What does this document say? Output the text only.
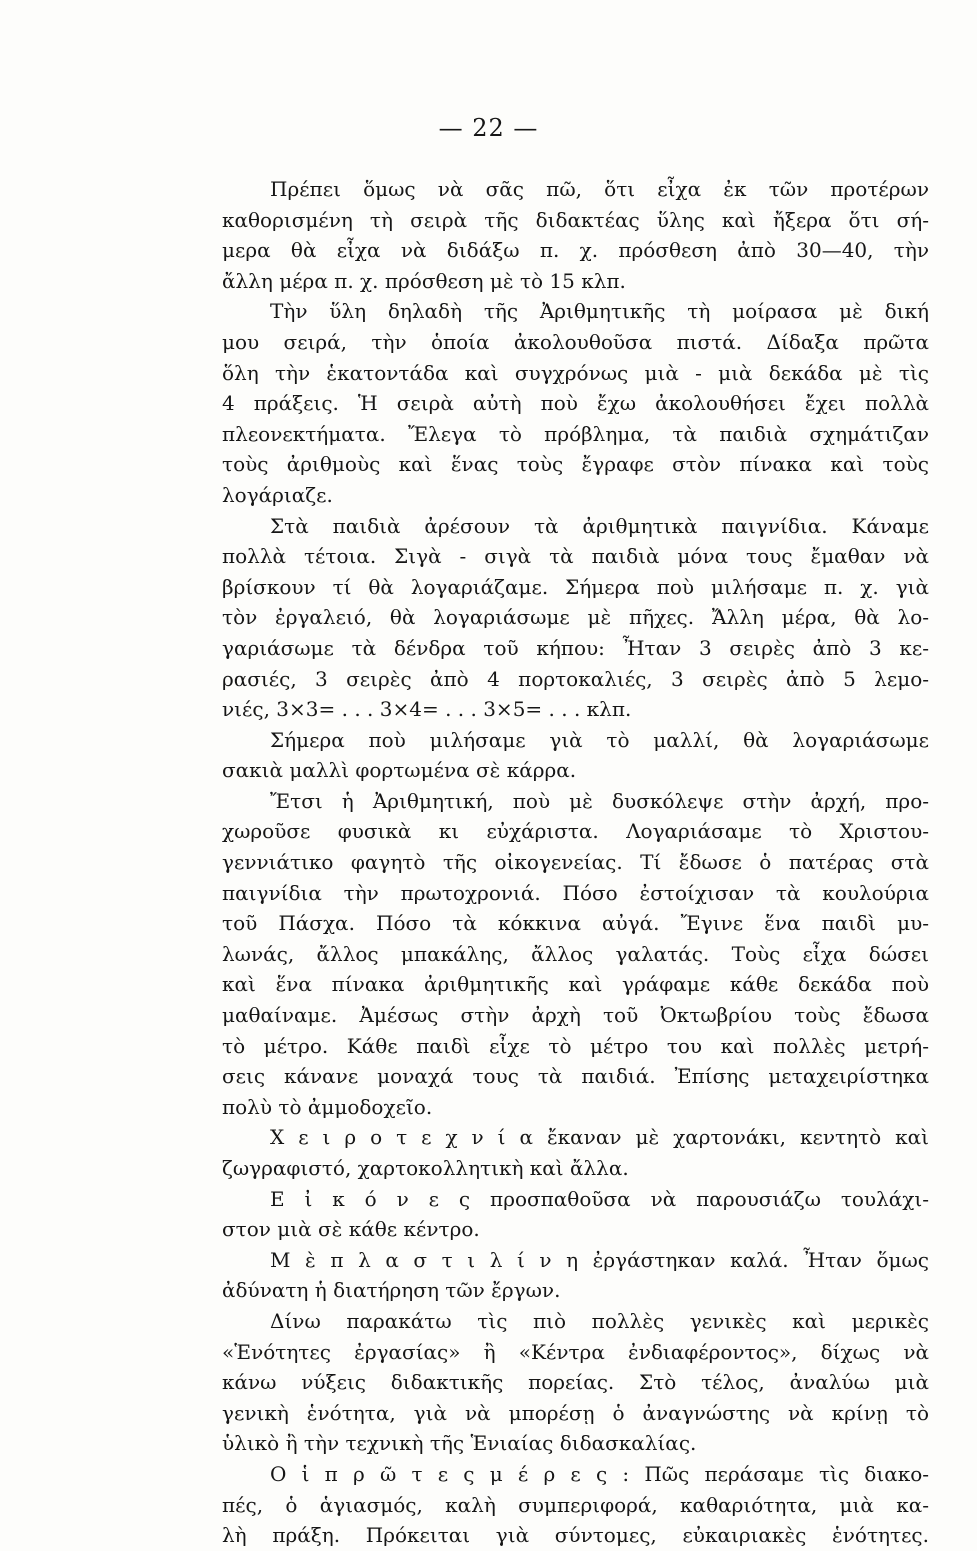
— 22 —
Πρέπει ὅμως νὰ σᾶς πῶ, ὅτι εἶχα ἐκ τῶν προτέρων
καθορισμένη τὴ σειρὰ τῆς διδακτέας ὕλης καὶ ἤξερα ὅτι σή-
μερα θὰ εἶχα νὰ διδάξω π. χ. πρόσθεση ἀπὸ 30—40, τὴν
ἄλλη μέρα π. χ. πρόσθεση μὲ τὸ 15 κλπ.
Τὴν ὕλη δηλαδὴ τῆς Ἀριθμητικῆς τὴ μοίρασα μὲ δική
μου σειρά, τὴν ὁποία ἀκολουθοῦσα πιστά. Δίδαξα πρῶτα
ὅλη τὴν ἑκατοντάδα καὶ συγχρόνως μιὰ - μιὰ δεκάδα μὲ τὶς
4 πράξεις. Ἡ σειρὰ αὐτὴ ποὺ ἔχω ἀκολουθήσει ἔχει πολλὰ
πλεονεκτήματα. Ἔλεγα τὸ πρόβλημα, τὰ παιδιὰ σχημάτιζαν
τοὺς ἀριθμοὺς καὶ ἕνας τοὺς ἔγραφε στὸν πίνακα καὶ τοὺς
λογάριαζε.
Στὰ παιδιὰ ἀρέσουν τὰ ἀριθμητικὰ παιγνίδια. Κάναμε
πολλὰ τέτοια. Σιγὰ - σιγὰ τὰ παιδιὰ μόνα τους ἔμαθαν νὰ
βρίσκουν τί θὰ λογαριάζαμε. Σήμερα ποὺ μιλήσαμε π. χ. γιὰ
τὸν ἐργαλειό, θὰ λογαριάσωμε μὲ πῆχες. Ἄλλη μέρα, θὰ λο-
γαριάσωμε τὰ δένδρα τοῦ κήπου: Ἦταν 3 σειρὲς ἀπὸ 3 κε-
ρασιές, 3 σειρὲς ἀπὸ 4 πορτοκαλιές, 3 σειρὲς ἀπὸ 5 λεμο-
νιές, 3×3= . . . 3×4= . . . 3×5= . . . κλπ.
Σήμερα ποὺ μιλήσαμε γιὰ τὸ μαλλί, θὰ λογαριάσωμε
σακιὰ μαλλὶ φορτωμένα σὲ κάρρα.
Ἔτσι ἡ Ἀριθμητική, ποὺ μὲ δυσκόλεψε στὴν ἀρχή, προ-
χωροῦσε φυσικὰ κι εὐχάριστα. Λογαριάσαμε τὸ Χριστου-
γεννιάτικο φαγητὸ τῆς οἰκογενείας. Τί ἔδωσε ὁ πατέρας στὰ
παιγνίδια τὴν πρωτοχρονιά. Πόσο ἐστοίχισαν τὰ κουλούρια
τοῦ Πάσχα. Πόσο τὰ κόκκινα αὐγά. Ἔγινε ἕνα παιδὶ μυ-
λωνάς, ἄλλος μπακάλης, ἄλλος γαλατάς. Τοὺς εἶχα δώσει
καὶ ἕνα πίνακα ἀριθμητικῆς καὶ γράφαμε κάθε δεκάδα ποὺ
μαθαίναμε. Ἀμέσως στὴν ἀρχὴ τοῦ Ὀκτωβρίου τοὺς ἔδωσα
τὸ μέτρο. Κάθε παιδὶ εἶχε τὸ μέτρο του καὶ πολλὲς μετρή-
σεις κάνανε μοναχά τους τὰ παιδιά. Ἐπίσης μεταχειρίστηκα
πολὺ τὸ ἀμμοδοχεῖο.
Χ ε ι ρ ο τ ε χ ν ί α ἔκαναν μὲ χαρτονάκι, κεντητὸ καὶ
ζωγραφιστό, χαρτοκολλητικὴ καὶ ἄλλα.
Ε ἰ κ ό ν ε ς προσπαθοῦσα νὰ παρουσιάζω τουλάχι-
στον μιὰ σὲ κάθε κέντρο.
Μ ὲ π λ α σ τ ι λ ί ν η ἐργάστηκαν καλά. Ἦταν ὅμως
ἀδύνατη ἡ διατήρηση τῶν ἔργων.
Δίνω παρακάτω τὶς πιὸ πολλὲς γενικὲς καὶ μερικὲς
«Ἑνότητες ἐργασίας» ἢ «Κέντρα ἐνδιαφέροντος», δίχως νὰ
κάνω νύξεις διδακτικῆς πορείας. Στὸ τέλος, ἀναλύω μιὰ
γενικὴ ἑνότητα, γιὰ νὰ μπορέσῃ ὁ ἀναγνώστης νὰ κρίνῃ τὸ
ὑλικὸ ἢ τὴν τεχνικὴ τῆς Ἑνιαίας διδασκαλίας.
Ο ἱ π ρ ῶ τ ε ς μ έ ρ ε ς : Πῶς περάσαμε τὶς διακο-
πές, ὁ ἁγιασμός, καλὴ συμπεριφορά, καθαριότητα, μιὰ κα-
λὴ πράξη. Πρόκειται γιὰ σύντομες, εὐκαιριακὲς ἑνότητες.
